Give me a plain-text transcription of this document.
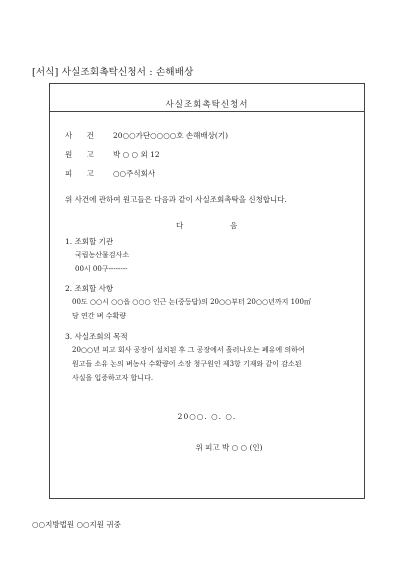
[서식] 사실조회촉탁신청서 : 손해배상
사실조회촉탁신청서
사 건 20○○가단○○○○호 손해배상(기)
원 고 박 ○ ○ 외 12
피 고 ○○주식회사
위 사건에 관하여 원고들은 다음과 같이 사실조회촉탁을 신청합니다.
다	음
1. 조회할 기관
국립농산물검사소
00시 00구--------
2. 조회할 사항
00도 ○○시 ○○읍 ○○○ 인근 논(중등답)의 20○○부터 20○○년까지 100㎡
당 연간 벼 수확량
3. 사실조회의 목적
20○○년 피고 회사 공장이 설치된 후 그 공장에서 흘러나오는 폐유에 의하여
원고들 소유 논의 벼농사 수확량이 소장 청구원인 제3항 기재와 같이 감소된
사실을 입증하고자 합니다.
20○○. ○. ○.
위 피고 박 ○ ○ (인)
○○지방법원 ○○지원 귀중
